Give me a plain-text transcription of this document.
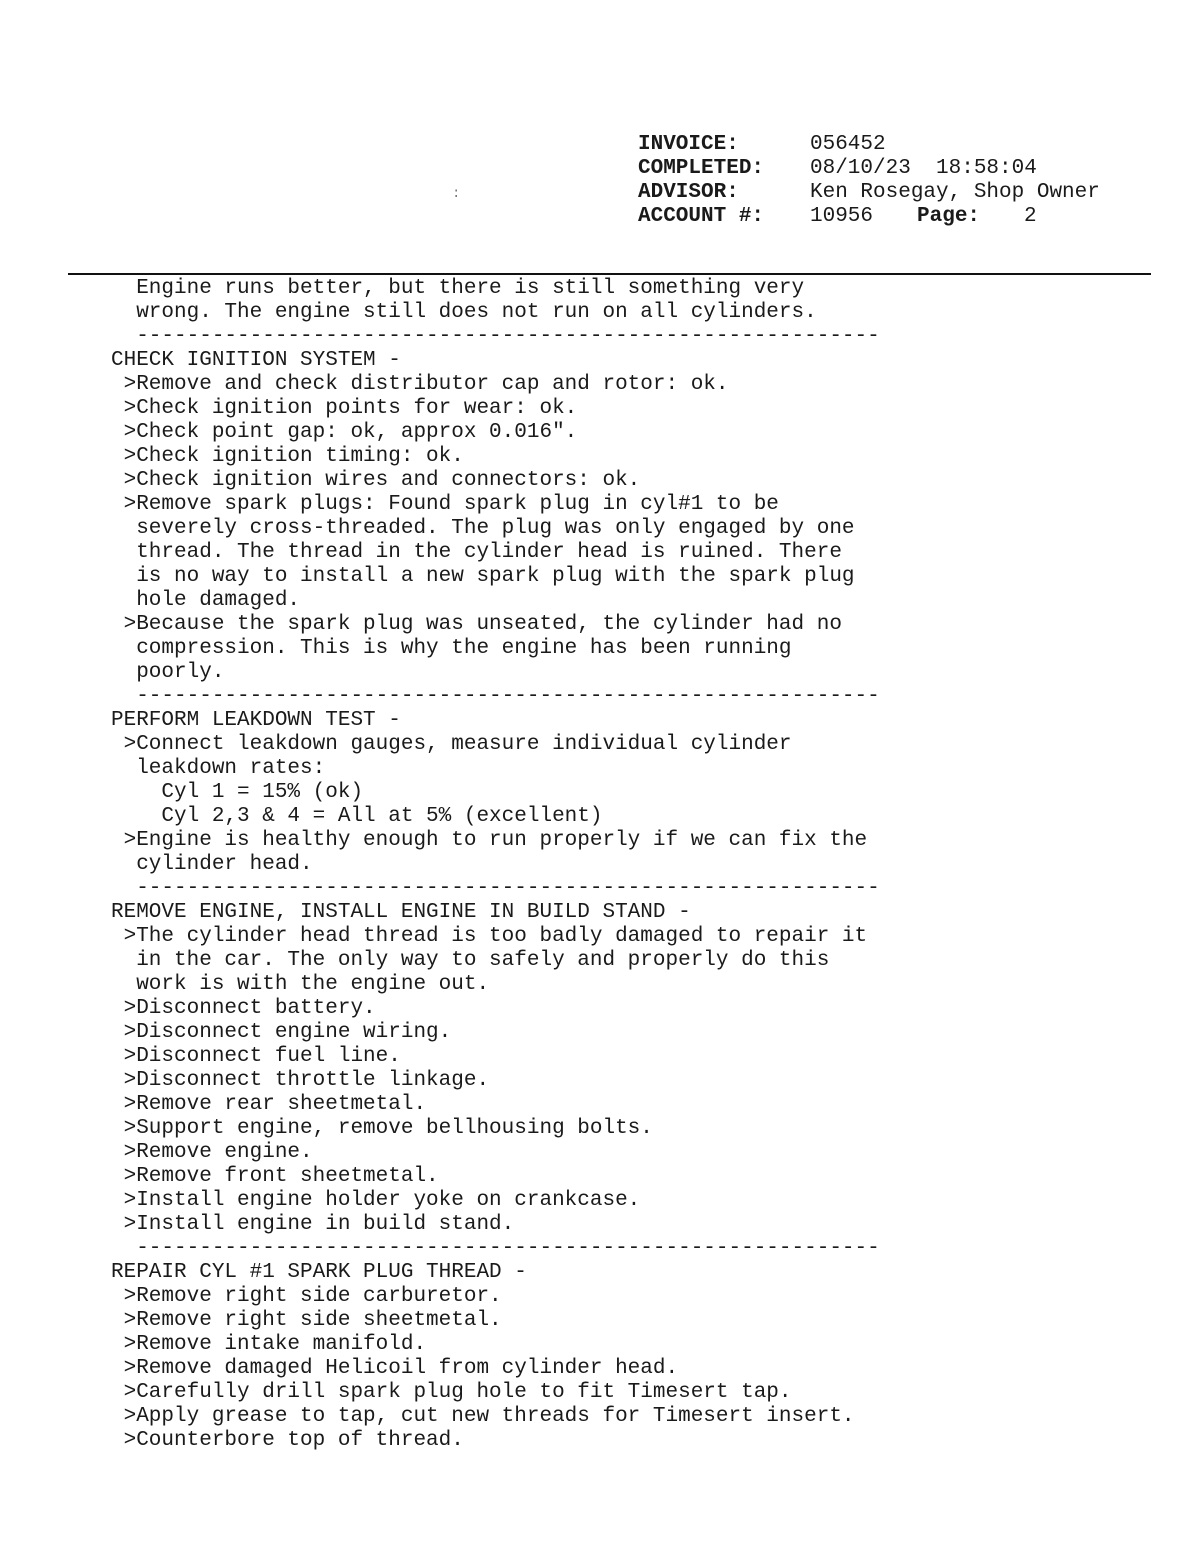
:
INVOICE:	056452
COMPLETED:	08/10/23  18:58:04
ADVISOR:	Ken Rosegay, Shop Owner
ACCOUNT #:	10956 Page: 2
Engine runs better, but there is still something very
wrong. The engine still does not run on all cylinders.
-----------------------------------------------------------
CHECK IGNITION SYSTEM -
>Remove and check distributor cap and rotor: ok.
>Check ignition points for wear: ok.
>Check point gap: ok, approx 0.016".
>Check ignition timing: ok.
>Check ignition wires and connectors: ok.
>Remove spark plugs: Found spark plug in cyl#1 to be
severely cross-threaded. The plug was only engaged by one
thread. The thread in the cylinder head is ruined. There
is no way to install a new spark plug with the spark plug
hole damaged.
>Because the spark plug was unseated, the cylinder had no
compression. This is why the engine has been running
poorly.
-----------------------------------------------------------
PERFORM LEAKDOWN TEST -
>Connect leakdown gauges, measure individual cylinder
leakdown rates:
Cyl 1 = 15% (ok)
Cyl 2,3 & 4 = All at 5% (excellent)
>Engine is healthy enough to run properly if we can fix the
cylinder head.
-----------------------------------------------------------
REMOVE ENGINE, INSTALL ENGINE IN BUILD STAND -
>The cylinder head thread is too badly damaged to repair it
in the car. The only way to safely and properly do this
work is with the engine out.
>Disconnect battery.
>Disconnect engine wiring.
>Disconnect fuel line.
>Disconnect throttle linkage.
>Remove rear sheetmetal.
>Support engine, remove bellhousing bolts.
>Remove engine.
>Remove front sheetmetal.
>Install engine holder yoke on crankcase.
>Install engine in build stand.
-----------------------------------------------------------
REPAIR CYL #1 SPARK PLUG THREAD -
>Remove right side carburetor.
>Remove right side sheetmetal.
>Remove intake manifold.
>Remove damaged Helicoil from cylinder head.
>Carefully drill spark plug hole to fit Timesert tap.
>Apply grease to tap, cut new threads for Timesert insert.
>Counterbore top of thread.
